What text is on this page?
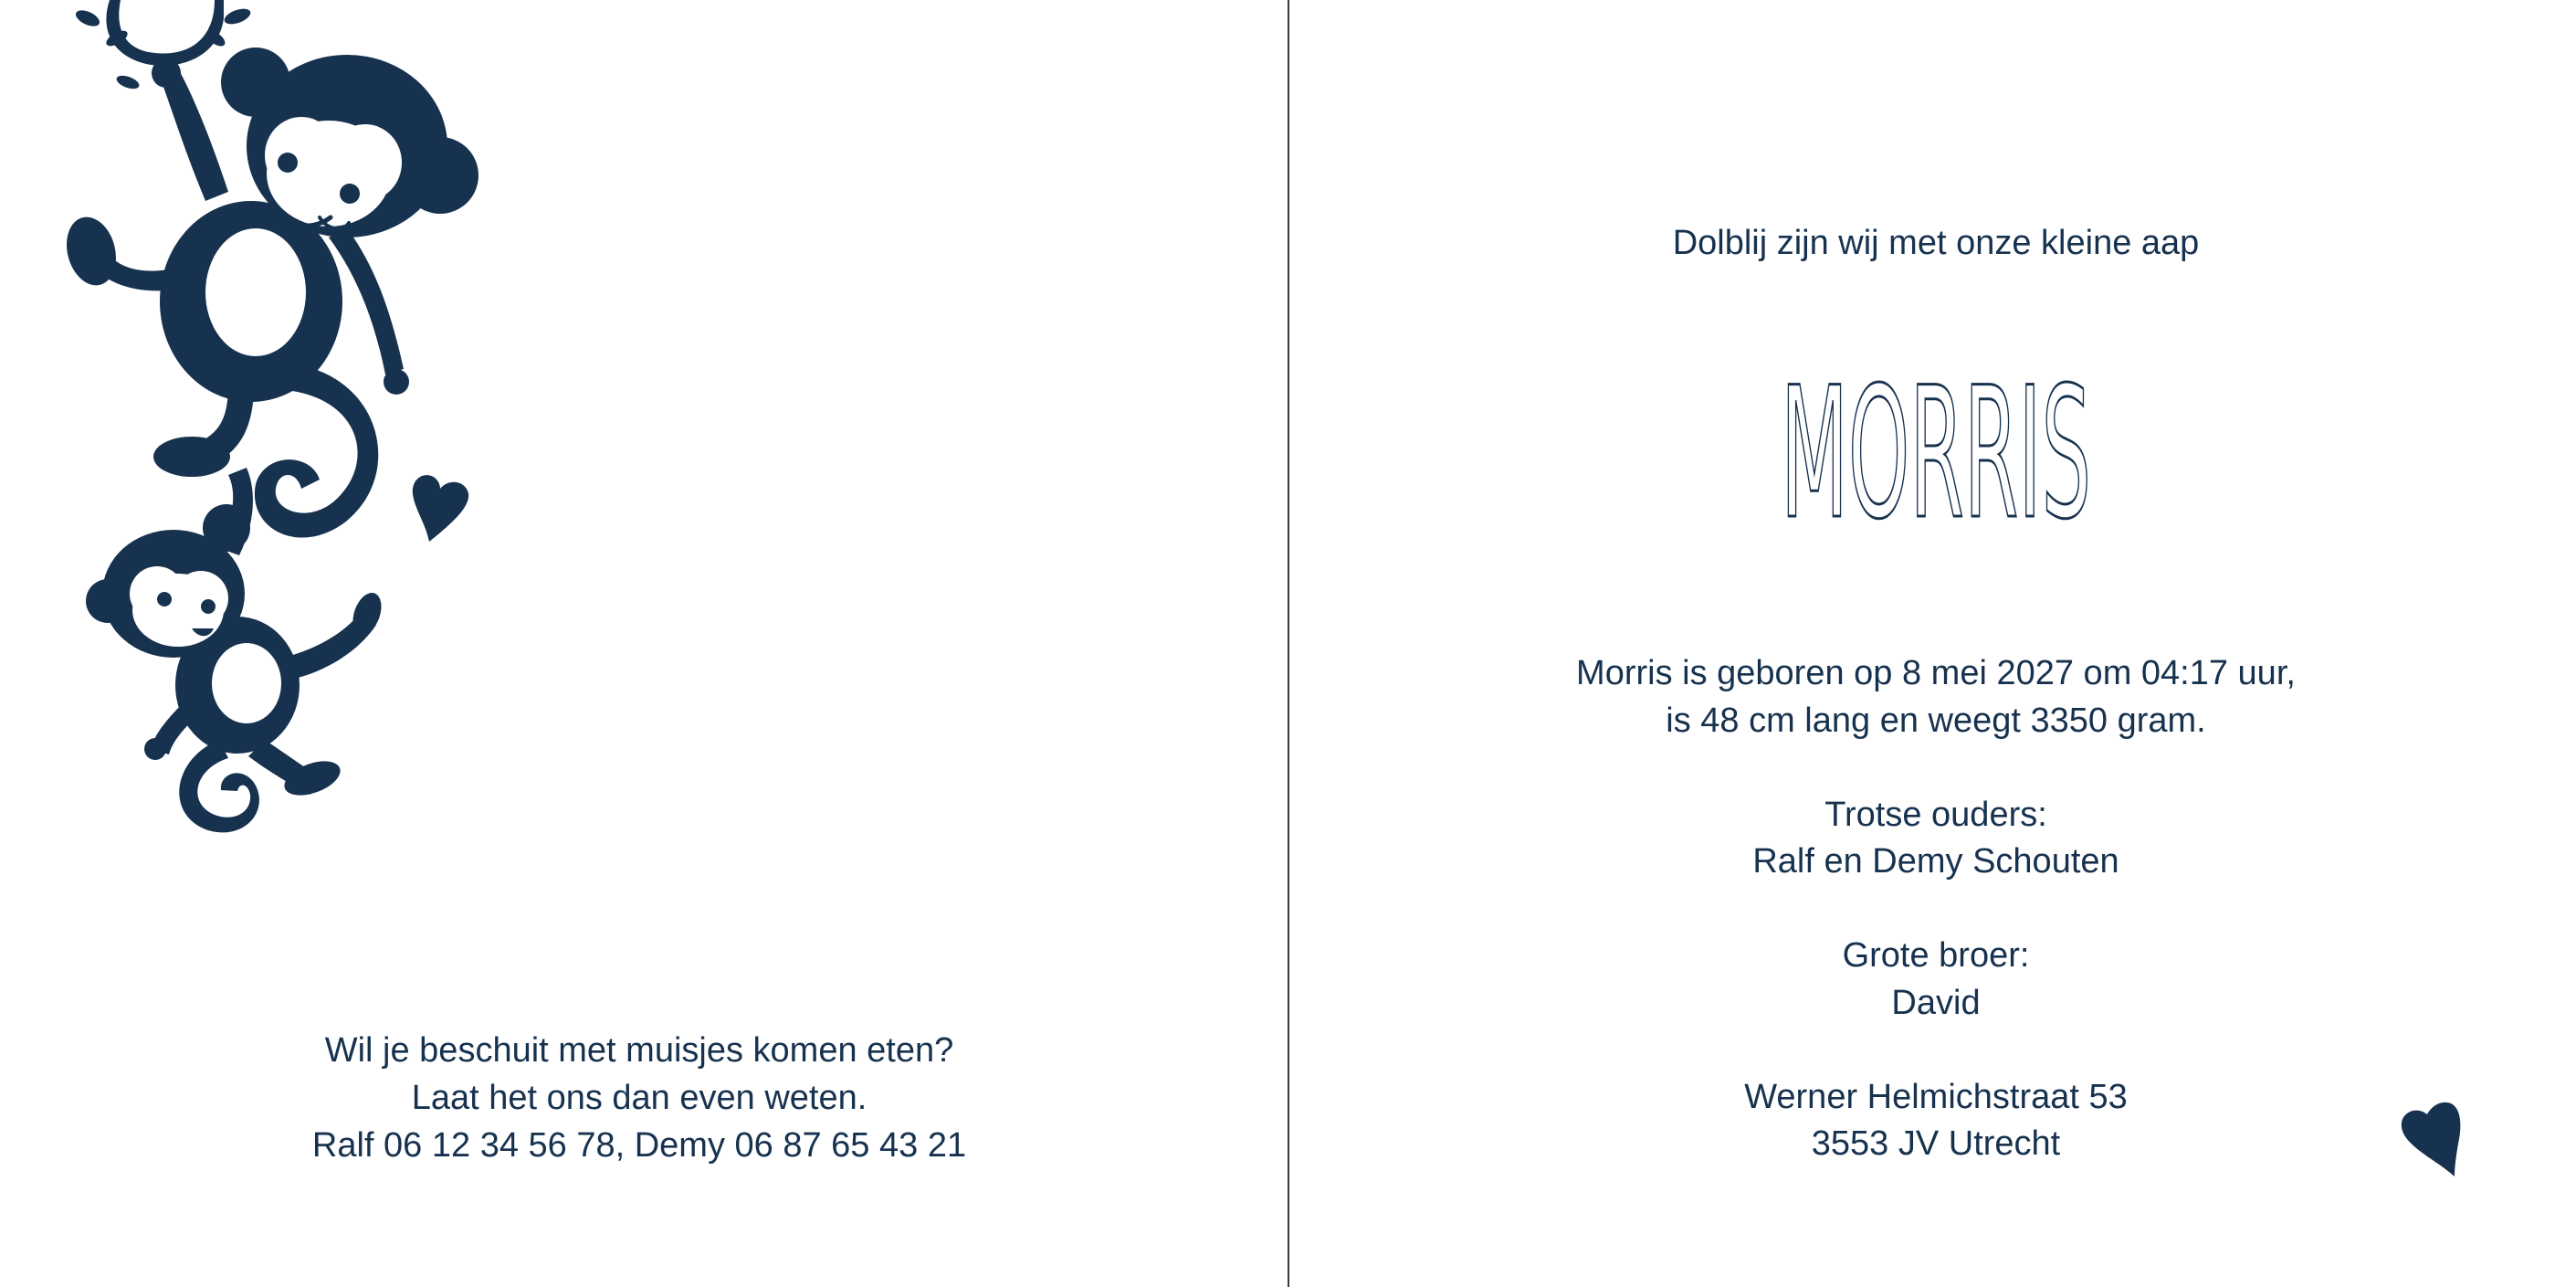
Wil je beschuit met muisjes komen eten?

Laat het ons dan even weten.

Ralf 06 12 34 56 78, Demy 06 87 65 43 21

Dolblij zijn wij met onze kleine aap
MORRIS

Morris is geboren op 8 mei 2027 om 04:17 uur,

is 48 cm lang en weegt 3350 gram.

Trotse ouders:

Ralf en Demy Schouten

Grote broer:

David

Werner Helmichstraat 53

3553 JV Utrecht
